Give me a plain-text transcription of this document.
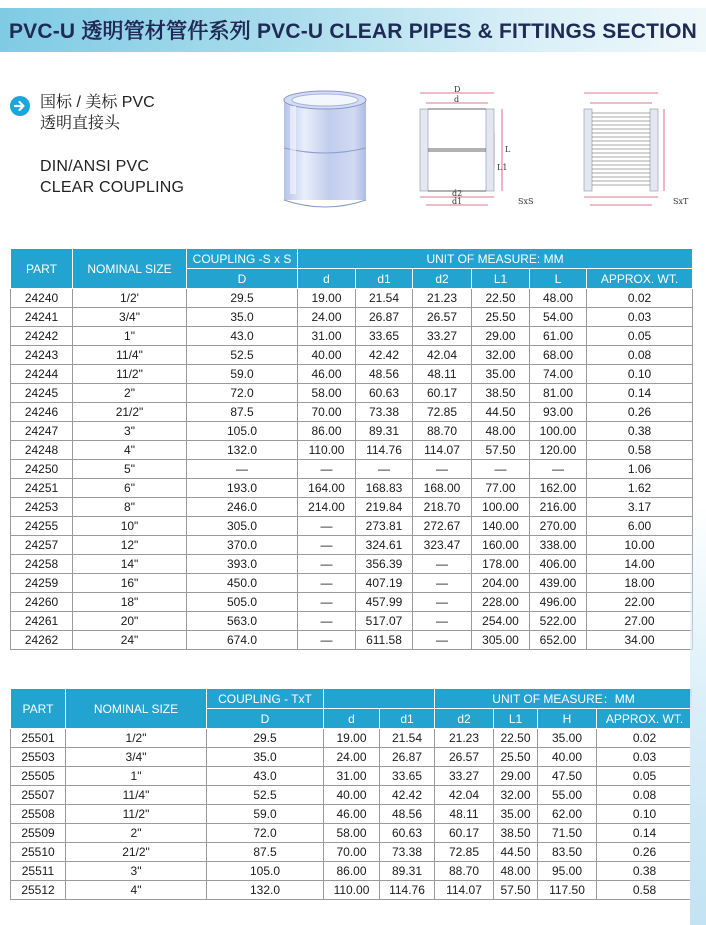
PVC-U 透明管材管件系列 PVC-U CLEAR PIPES & FITTINGS SECTION
国标 / 美标 PVC
透明直接头
DIN/ANSI PVC
CLEAR COUPLING
D
d
L
L1
d2
d1	SxS	SxT
PART	NOMINAL SIZE	COUPLING -S x S	UNIT OF MEASURE: MM					
		D	d	d1	d2	L1	L	APPROX. WT.
24240	1/2'	29.5	19.00	21.54	21.23	22.50	48.00	0.02
24241	3/4"	35.0	24.00	26.87	26.57	25.50	54.00	0.03
24242	1"	43.0	31.00	33.65	33.27	29.00	61.00	0.05
24243	11/4"	52.5	40.00	42.42	42.04	32.00	68.00	0.08
24244	11/2"	59.0	46.00	48.56	48.11	35.00	74.00	0.10
24245	2"	72.0	58.00	60.63	60.17	38.50	81.00	0.14
24246	21/2"	87.5	70.00	73.38	72.85	44.50	93.00	0.26
24247	3"	105.0	86.00	89.31	88.70	48.00	100.00	0.38
24248	4"	132.0	110.00	114.76	114.07	57.50	120.00	0.58
24250	5"	—	—	—	—	—	—	1.06
24251	6"	193.0	164.00	168.83	168.00	77.00	162.00	1.62
24253	8"	246.0	214.00	219.84	218.70	100.00	216.00	3.17
24255	10"	305.0	—	273.81	272.67	140.00	270.00	6.00
24257	12"	370.0	—	324.61	323.47	160.00	338.00	10.00
24258	14"	393.0	—	356.39	—	178.00	406.00	14.00
24259	16"	450.0	—	407.19	—	204.00	439.00	18.00
24260	18"	505.0	—	457.99	—	228.00	496.00	22.00
24261	20"	563.0	—	517.07	—	254.00	522.00	27.00
24262	24"	674.0	—	611.58	—	305.00	652.00	34.00
PART	NOMINAL SIZE	COUPLING - TxT			UNIT OF MEASURE：MM			
		D	d	d1	d2	L1	H	APPROX. WT.
25501	1/2"	29.5	19.00	21.54	21.23	22.50	35.00	0.02
25503	3/4"	35.0	24.00	26.87	26.57	25.50	40.00	0.03
25505	1"	43.0	31.00	33.65	33.27	29.00	47.50	0.05
25507	11/4"	52.5	40.00	42.42	42.04	32.00	55.00	0.08
25508	11/2"	59.0	46.00	48.56	48.11	35.00	62.00	0.10
25509	2"	72.0	58.00	60.63	60.17	38.50	71.50	0.14
25510	21/2"	87.5	70.00	73.38	72.85	44.50	83.50	0.26
25511	3"	105.0	86.00	89.31	88.70	48.00	95.00	0.38
25512	4"	132.0	110.00	114.76	114.07	57.50	117.50	0.58
